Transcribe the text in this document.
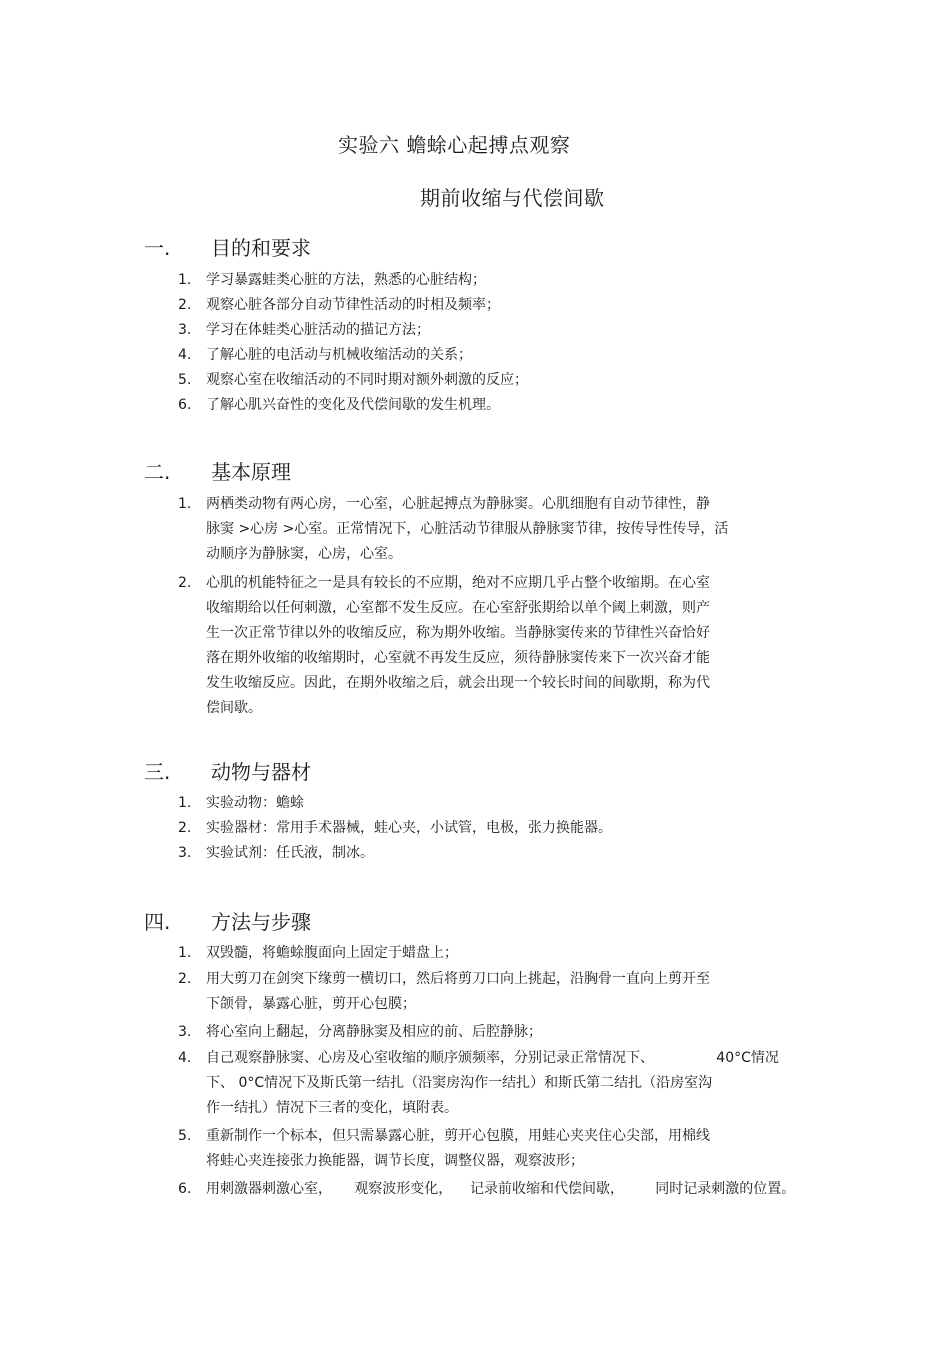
实验六 蟾蜍心起搏点观察
期前收缩与代偿间歇
一. 目的和要求
1. 学习暴露蛙类心脏的方法，熟悉的心脏结构；
2. 观察心脏各部分自动节律性活动的时相及频率；
3. 学习在体蛙类心脏活动的描记方法；
4. 了解心脏的电活动与机械收缩活动的关系；
5. 观察心室在收缩活动的不同时期对额外刺激的反应；
6. 了解心肌兴奋性的变化及代偿间歇的发生机理。
二. 基本原理
1. 两栖类动物有两心房，一心室，心脏起搏点为静脉窦。心肌细胞有自动节律性，静
脉窦 >心房 >心室。正常情况下，心脏活动节律服从静脉窦节律，按传导性传导，活
动顺序为静脉窦，心房，心室。
2. 心肌的机能特征之一是具有较长的不应期，绝对不应期几乎占整个收缩期。在心室
收缩期给以任何刺激，心室都不发生反应。在心室舒张期给以单个阈上刺激，则产
生一次正常节律以外的收缩反应，称为期外收缩。当静脉窦传来的节律性兴奋恰好
落在期外收缩的收缩期时，心室就不再发生反应，须待静脉窦传来下一次兴奋才能
发生收缩反应。因此，在期外收缩之后，就会出现一个较长时间的间歇期，称为代
偿间歇。
三. 动物与器材
1. 实验动物：蟾蜍
2. 实验器材：常用手术器械，蛙心夹，小试管，电极，张力换能器。
3. 实验试剂：任氏液，制冰。
四. 方法与步骤
1. 双毁髓，将蟾蜍腹面向上固定于蜡盘上；
2. 用大剪刀在剑突下缘剪一横切口，然后将剪刀口向上挑起，沿胸骨一直向上剪开至
下颌骨，暴露心脏，剪开心包膜；
3. 将心室向上翻起，分离静脉窦及相应的前、后腔静脉；
4. 自己观察静脉窦、心房及心室收缩的顺序颁频率，分别记录正常情况下、              40°C情况
下、 0°C情况下及斯氏第一结扎（沿窦房沟作一结扎）和斯氏第二结扎（沿房室沟
作一结扎）情况下三者的变化，填附表。
5. 重新制作一个标本，但只需暴露心脏，剪开心包膜，用蛙心夹夹住心尖部，用棉线
将蛙心夹连接张力换能器，调节长度，调整仪器，观察波形；
6. 用刺激器刺激心室，     观察波形变化，    记录前收缩和代偿间歇，       同时记录刺激的位置。
